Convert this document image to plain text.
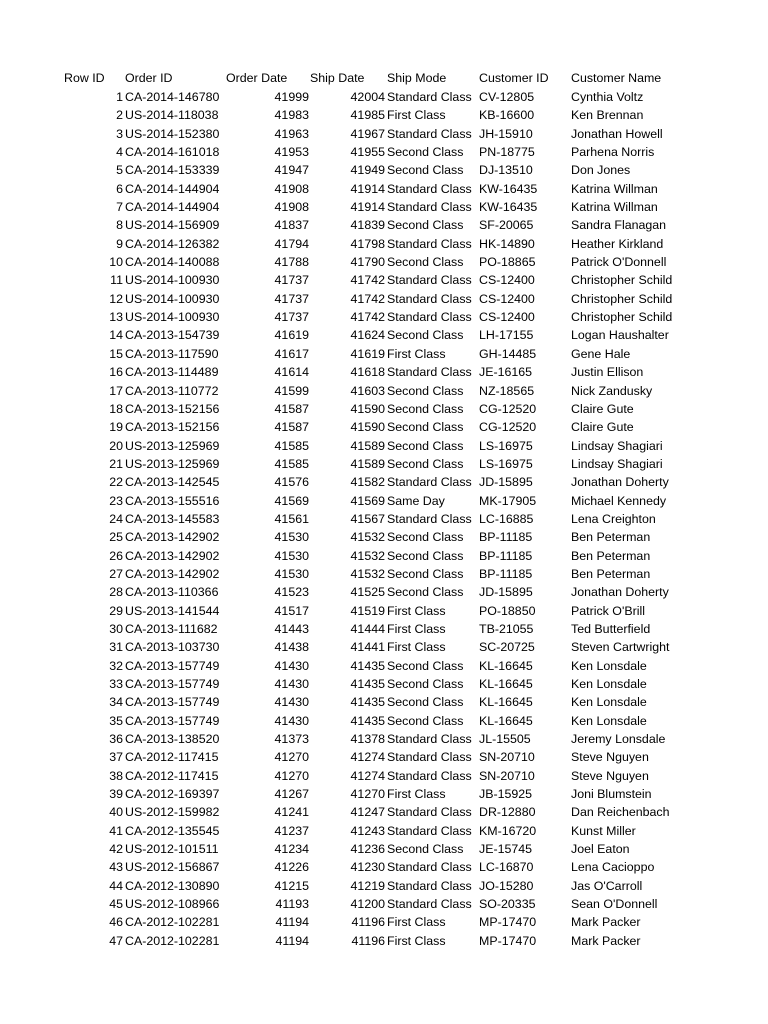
Row ID Order ID	Order Date Ship Date Ship Mode	Customer ID Customer Name
1 CA-2014-146780	41999	42004 Standard Class CV-12805	Cynthia Voltz
2 US-2014-118038	41983	41985 First Class	KB-16600	Ken Brennan
3 US-2014-152380	41963	41967 Standard Class JH-15910	Jonathan Howell
4 CA-2014-161018	41953	41955 Second Class	PN-18775	Parhena Norris
5 CA-2014-153339	41947	41949 Second Class	DJ-13510	Don Jones
6 CA-2014-144904	41908	41914 Standard Class KW-16435	Katrina Willman
7 CA-2014-144904	41908	41914 Standard Class KW-16435	Katrina Willman
8 US-2014-156909	41837	41839 Second Class	SF-20065	Sandra Flanagan
9 CA-2014-126382	41794	41798 Standard Class HK-14890	Heather Kirkland
10 CA-2014-140088	41788	41790 Second Class	PO-18865	Patrick O'Donnell
11 US-2014-100930	41737	41742 Standard Class CS-12400	Christopher Schild
12 US-2014-100930	41737	41742 Standard Class CS-12400	Christopher Schild
13 US-2014-100930	41737	41742 Standard Class CS-12400	Christopher Schild
14 CA-2013-154739	41619	41624 Second Class	LH-17155	Logan Haushalter
15 CA-2013-117590	41617	41619 First Class	GH-14485	Gene Hale
16 CA-2013-114489	41614	41618 Standard Class JE-16165	Justin Ellison
17 CA-2013-110772	41599	41603 Second Class	NZ-18565	Nick Zandusky
18 CA-2013-152156	41587	41590 Second Class	CG-12520	Claire Gute
19 CA-2013-152156	41587	41590 Second Class	CG-12520	Claire Gute
20 US-2013-125969	41585	41589 Second Class	LS-16975	Lindsay Shagiari
21 US-2013-125969	41585	41589 Second Class	LS-16975	Lindsay Shagiari
22 CA-2013-142545	41576	41582 Standard Class JD-15895	Jonathan Doherty
23 CA-2013-155516	41569	41569 Same Day	MK-17905	Michael Kennedy
24 CA-2013-145583	41561	41567 Standard Class LC-16885	Lena Creighton
25 CA-2013-142902	41530	41532 Second Class	BP-11185	Ben Peterman
26 CA-2013-142902	41530	41532 Second Class	BP-11185	Ben Peterman
27 CA-2013-142902	41530	41532 Second Class	BP-11185	Ben Peterman
28 CA-2013-110366	41523	41525 Second Class	JD-15895	Jonathan Doherty
29 US-2013-141544	41517	41519 First Class	PO-18850	Patrick O'Brill
30 CA-2013-111682	41443	41444 First Class	TB-21055	Ted Butterfield
31 CA-2013-103730	41438	41441 First Class	SC-20725	Steven Cartwright
32 CA-2013-157749	41430	41435 Second Class	KL-16645	Ken Lonsdale
33 CA-2013-157749	41430	41435 Second Class	KL-16645	Ken Lonsdale
34 CA-2013-157749	41430	41435 Second Class	KL-16645	Ken Lonsdale
35 CA-2013-157749	41430	41435 Second Class	KL-16645	Ken Lonsdale
36 CA-2013-138520	41373	41378 Standard Class JL-15505	Jeremy Lonsdale
37 CA-2012-117415	41270	41274 Standard Class SN-20710	Steve Nguyen
38 CA-2012-117415	41270	41274 Standard Class SN-20710	Steve Nguyen
39 CA-2012-169397	41267	41270 First Class	JB-15925	Joni Blumstein
40 US-2012-159982	41241	41247 Standard Class DR-12880	Dan Reichenbach
41 CA-2012-135545	41237	41243 Standard Class KM-16720	Kunst Miller
42 US-2012-101511	41234	41236 Second Class	JE-15745	Joel Eaton
43 US-2012-156867	41226	41230 Standard Class LC-16870	Lena Cacioppo
44 CA-2012-130890	41215	41219 Standard Class JO-15280	Jas O'Carroll
45 US-2012-108966	41193	41200 Standard Class SO-20335	Sean O'Donnell
46 CA-2012-102281	41194	41196 First Class	MP-17470	Mark Packer
47 CA-2012-102281	41194	41196 First Class	MP-17470	Mark Packer
